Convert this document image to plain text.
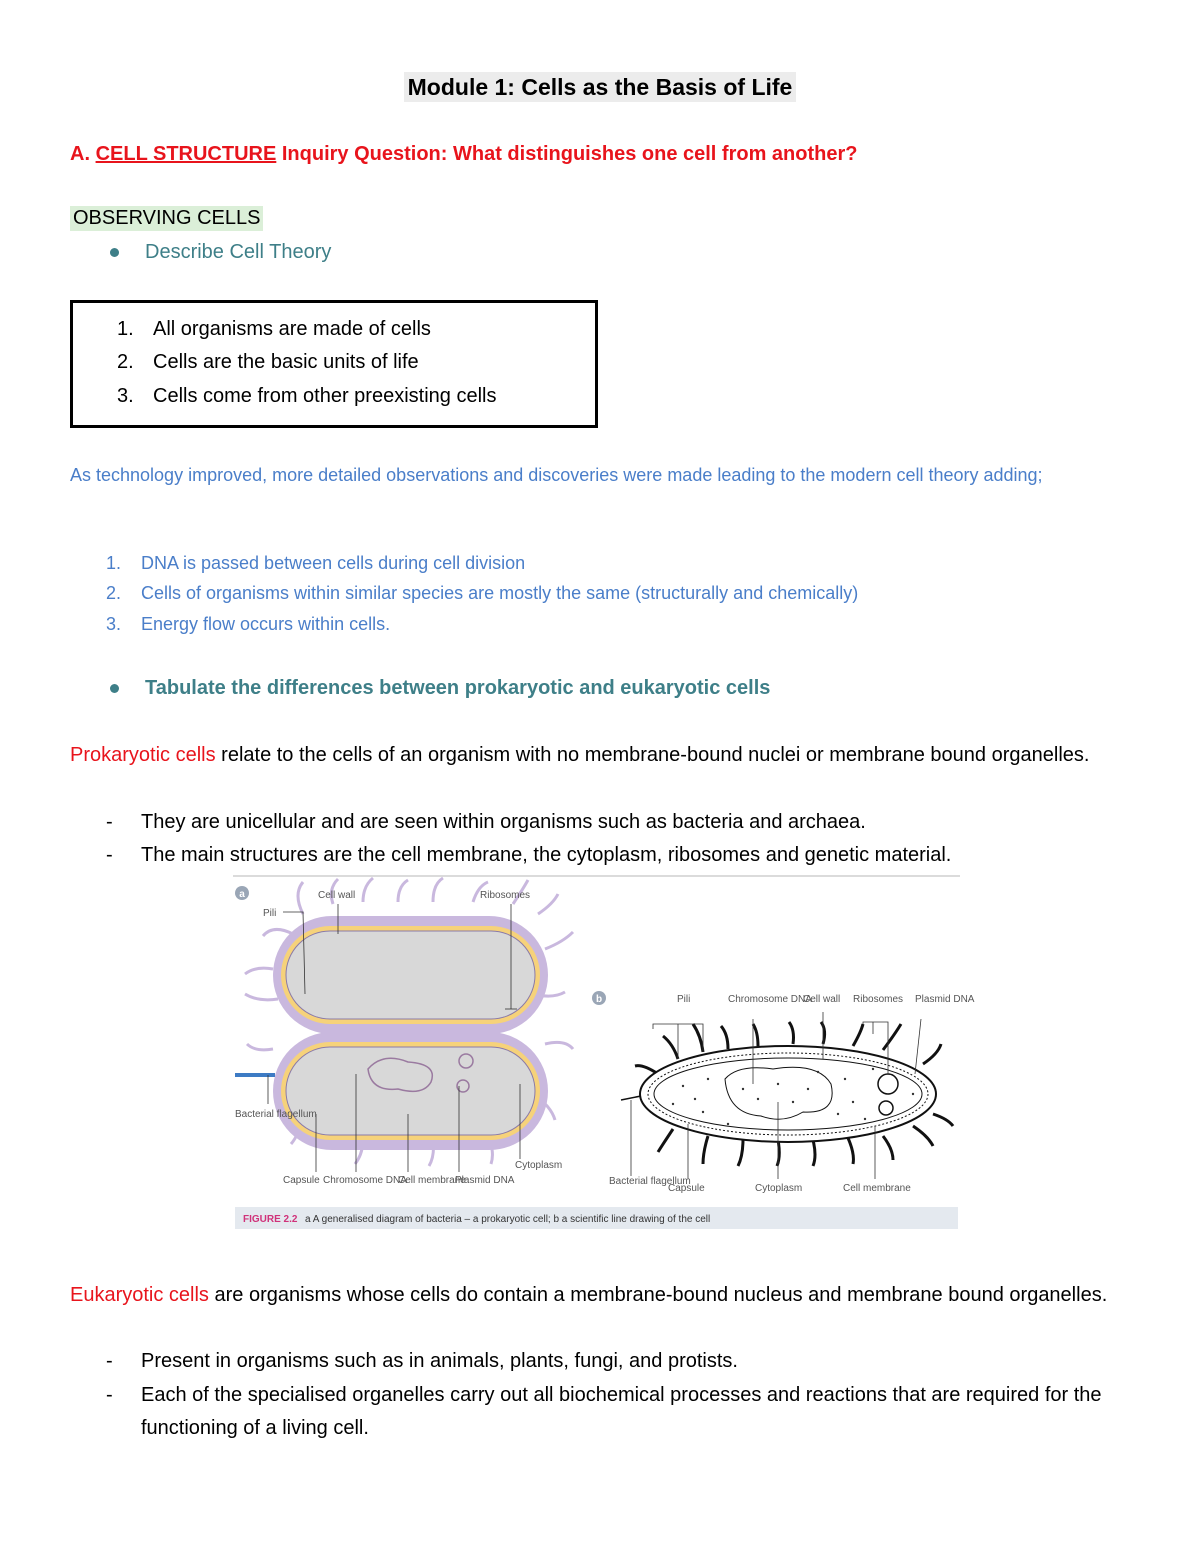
Module 1: Cells as the Basis of Life
A. CELL STRUCTURE Inquiry Question: What distinguishes one cell from another?
OBSERVING CELLS
Describe Cell Theory
1. All organisms are made of cells
2. Cells are the basic units of life
3. Cells come from other preexisting cells
As technology improved, more detailed observations and discoveries were made leading to the modern cell theory adding;
1. DNA is passed between cells during cell division
2. Cells of organisms within similar species are mostly the same (structurally and chemically)
3. Energy flow occurs within cells.
Tabulate the differences between prokaryotic and eukaryotic cells
Prokaryotic cells relate to the cells of an organism with no membrane-bound nuclei or membrane bound organelles.
- They are unicellular and are seen within organisms such as bacteria and archaea.
- The main structures are the cell membrane, the cytoplasm, ribosomes and genetic material.
a	Cell wall	Ribosomes
Pili
Bacterial flagellum
Capsule Chromosome DNA
Cell membrane
Plasmid DNA
Cytoplasm
b	Pili	Chromosome DNA
Cell wall Ribosomes Plasmid DNA
Bacterial flagellum
Capsule	Cytoplasm	Cell membrane
FIGURE 2.2 a A generalised diagram of bacteria – a prokaryotic cell; b a scientific line drawing of the cell
Eukaryotic cells are organisms whose cells do contain a membrane-bound nucleus and membrane bound organelles.
- Present in organisms such as in animals, plants, fungi, and protists.
- Each of the specialised organelles carry out all biochemical processes and reactions that are required for the functioning of a living cell.
